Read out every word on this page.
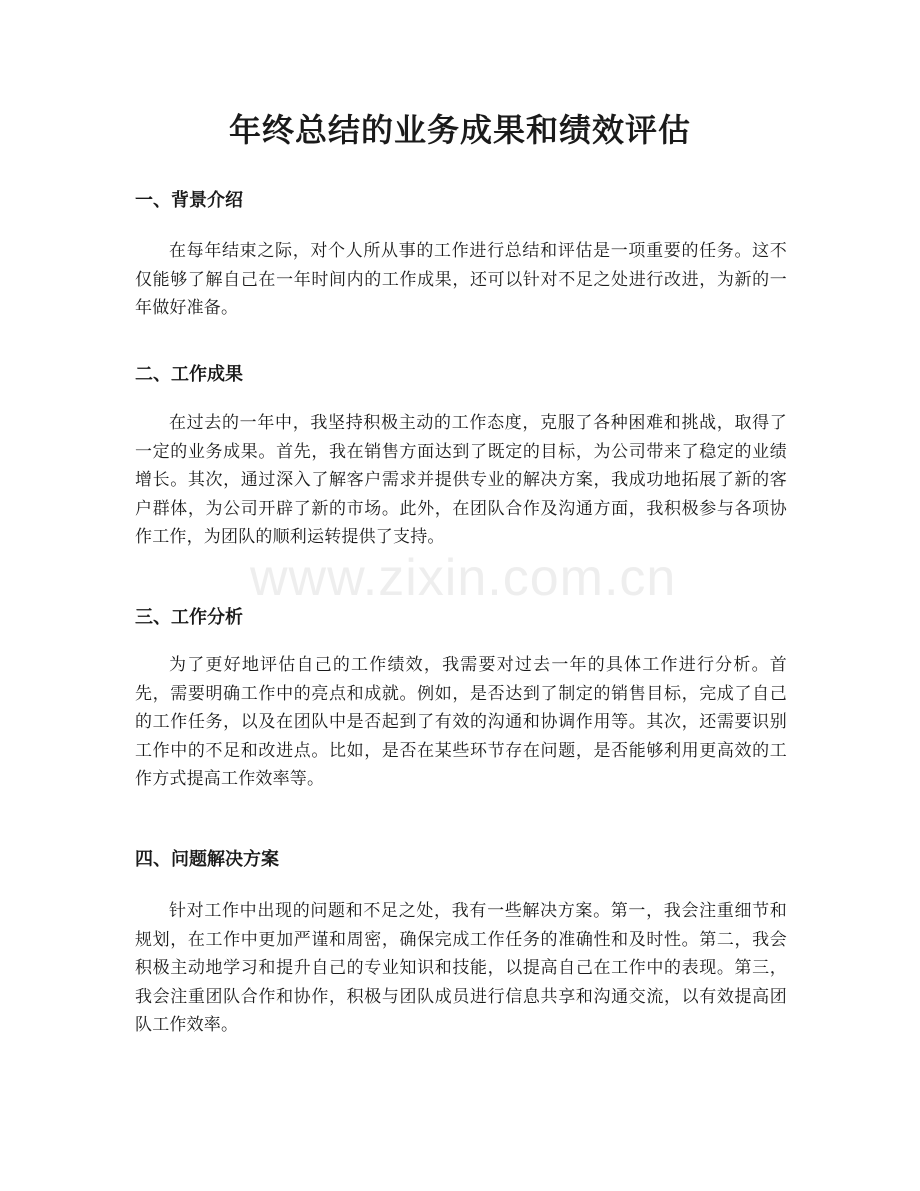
年终总结的业务成果和绩效评估
一、背景介绍

在每年结束之际，对个人所从事的工作进行总结和评估是一项重要的任务。这不仅能够了解自己在一年时间内的工作成果，还可以针对不足之处进行改进，为新的一年做好准备。

二、工作成果

在过去的一年中，我坚持积极主动的工作态度，克服了各种困难和挑战，取得了一定的业务成果。首先，我在销售方面达到了既定的目标，为公司带来了稳定的业绩增长。其次，通过深入了解客户需求并提供专业的解决方案，我成功地拓展了新的客户群体，为公司开辟了新的市场。此外，在团队合作及沟通方面，我积极参与各项协作工作，为团队的顺利运转提供了支持。

三、工作分析

为了更好地评估自己的工作绩效，我需要对过去一年的具体工作进行分析。首先，需要明确工作中的亮点和成就。例如，是否达到了制定的销售目标，完成了自己的工作任务，以及在团队中是否起到了有效的沟通和协调作用等。其次，还需要识别工作中的不足和改进点。比如，是否在某些环节存在问题，是否能够利用更高效的工作方式提高工作效率等。

四、问题解决方案

针对工作中出现的问题和不足之处，我有一些解决方案。第一，我会注重细节和规划，在工作中更加严谨和周密，确保完成工作任务的准确性和及时性。第二，我会积极主动地学习和提升自己的专业知识和技能，以提高自己在工作中的表现。第三，我会注重团队合作和协作，积极与团队成员进行信息共享和沟通交流，以有效提高团队工作效率。

www.zixin.com.cn
